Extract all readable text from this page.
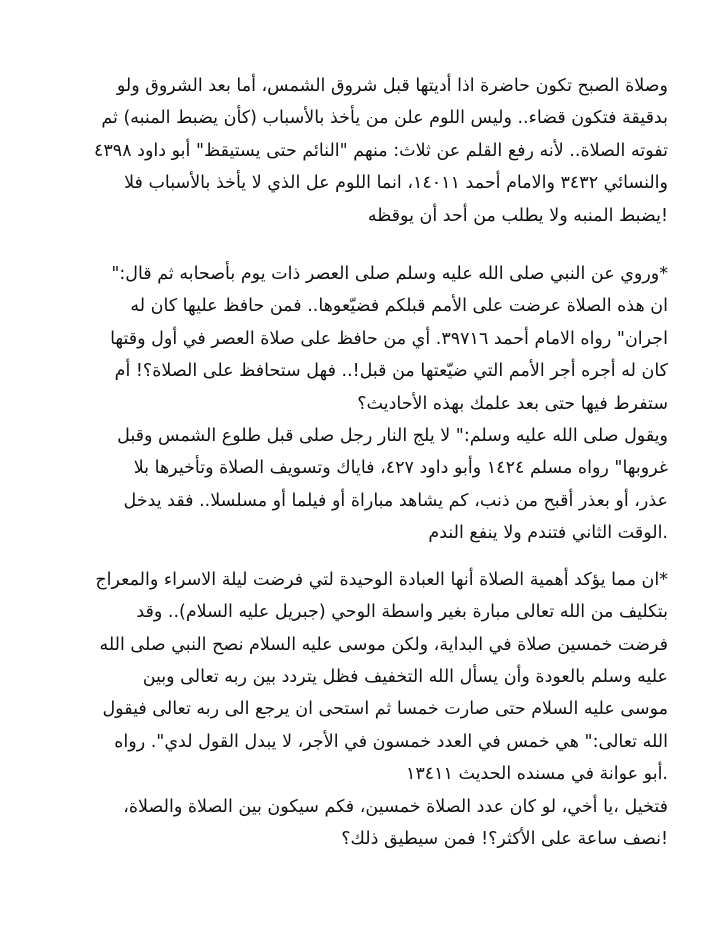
وصلاة الصبح تكون حاضرة اذا أديتها قبل شروق الشمس، أما بعد الشروق ولو
بدقيقة فتكون قضاء.. وليس اللوم علن من يأخذ بالأسباب (كأن يضبط المنبه) ثم
تفوته الصلاة.. لأنه رفع القلم عن ثلاث: منهم "النائم حتى يستيقظ" أبو داود ٤٣٩٨
والنسائي ٣٤٣٢ والامام أحمد ١٤٠١١، انما اللوم عل الذي لا يأخذ بالأسباب فلا
!يضبط المنبه ولا يطلب من أحد أن يوقظه
*وروي عن النبي صلى الله عليه وسلم صلى العصر ذات يوم بأصحابه ثم قال:"
ان هذه الصلاة عرضت على الأمم قبلكم فضيّعوها.. فمن حافظ عليها كان له
اجران" رواه الامام أحمد ٣٩٧١٦. أي من حافظ على صلاة العصر في أول وقتها
كان له أجره أجر الأمم التي ضيّعتها من قبل!.. فهل ستحافظ على الصلاة؟! أم
ستفرط فيها حتى بعد علمك بهذه الأحاديث؟
ويقول صلى الله عليه وسلم:" لا يلج النار رجل صلى قبل طلوع الشمس وقبل
غروبها" رواه مسلم ١٤٢٤ وأبو داود ٤٢٧، فاياك وتسويف الصلاة وتأخيرها بلا
عذر، أو بعذر أقبح من ذنب، كم يشاهد مباراة أو فيلما أو مسلسلا.. فقد يدخل
.الوقت الثاني فتندم ولا ينفع الندم
*ان مما يؤكد أهمية الصلاة أنها العبادة الوحيدة لتي فرضت ليلة الاسراء والمعراج
بتكليف من الله تعالى مبارة بغير واسطة الوحي (جبريل عليه السلام).. وقد
فرضت خمسين صلاة في البداية، ولكن موسى عليه السلام نصح النبي صلى الله
عليه وسلم بالعودة وأن يسأل الله التخفيف فظل يتردد بين ربه تعالى وبين
موسى عليه السلام حتى صارت خمسا ثم استحى ان يرجع الى ربه تعالى فيقول
الله تعالى:" هي خمس في العدد خمسون في الأجر، لا يبدل القول لدي". رواه
.أبو عوانة في مسنده الحديث ١٣٤١١
فتخيل ،يا أخي، لو كان عدد الصلاة خمسين، فكم سيكون بين الصلاة والصلاة،
!نصف ساعة على الأكثر؟! فمن سيطيق ذلك؟
